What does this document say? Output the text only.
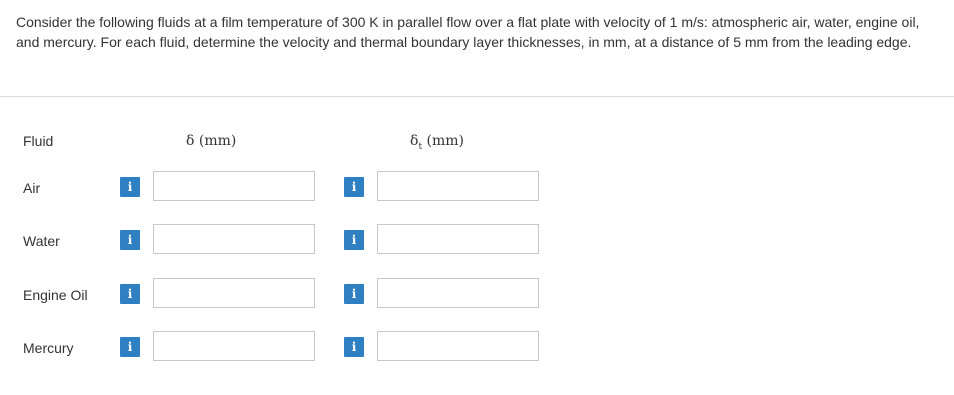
Consider the following fluids at a film temperature of 300 K in parallel flow over a flat plate with velocity of 1 m/s: atmospheric air, water, engine oil, and mercury. For each fluid, determine the velocity and thermal boundary layer thicknesses, in mm, at a distance of 5 mm from the leading edge.
Fluid	δ (mm)	$\delta_t$ (mm)
Air	i	i
Water	i	i
Engine Oil	i	i
Mercury	i	i
